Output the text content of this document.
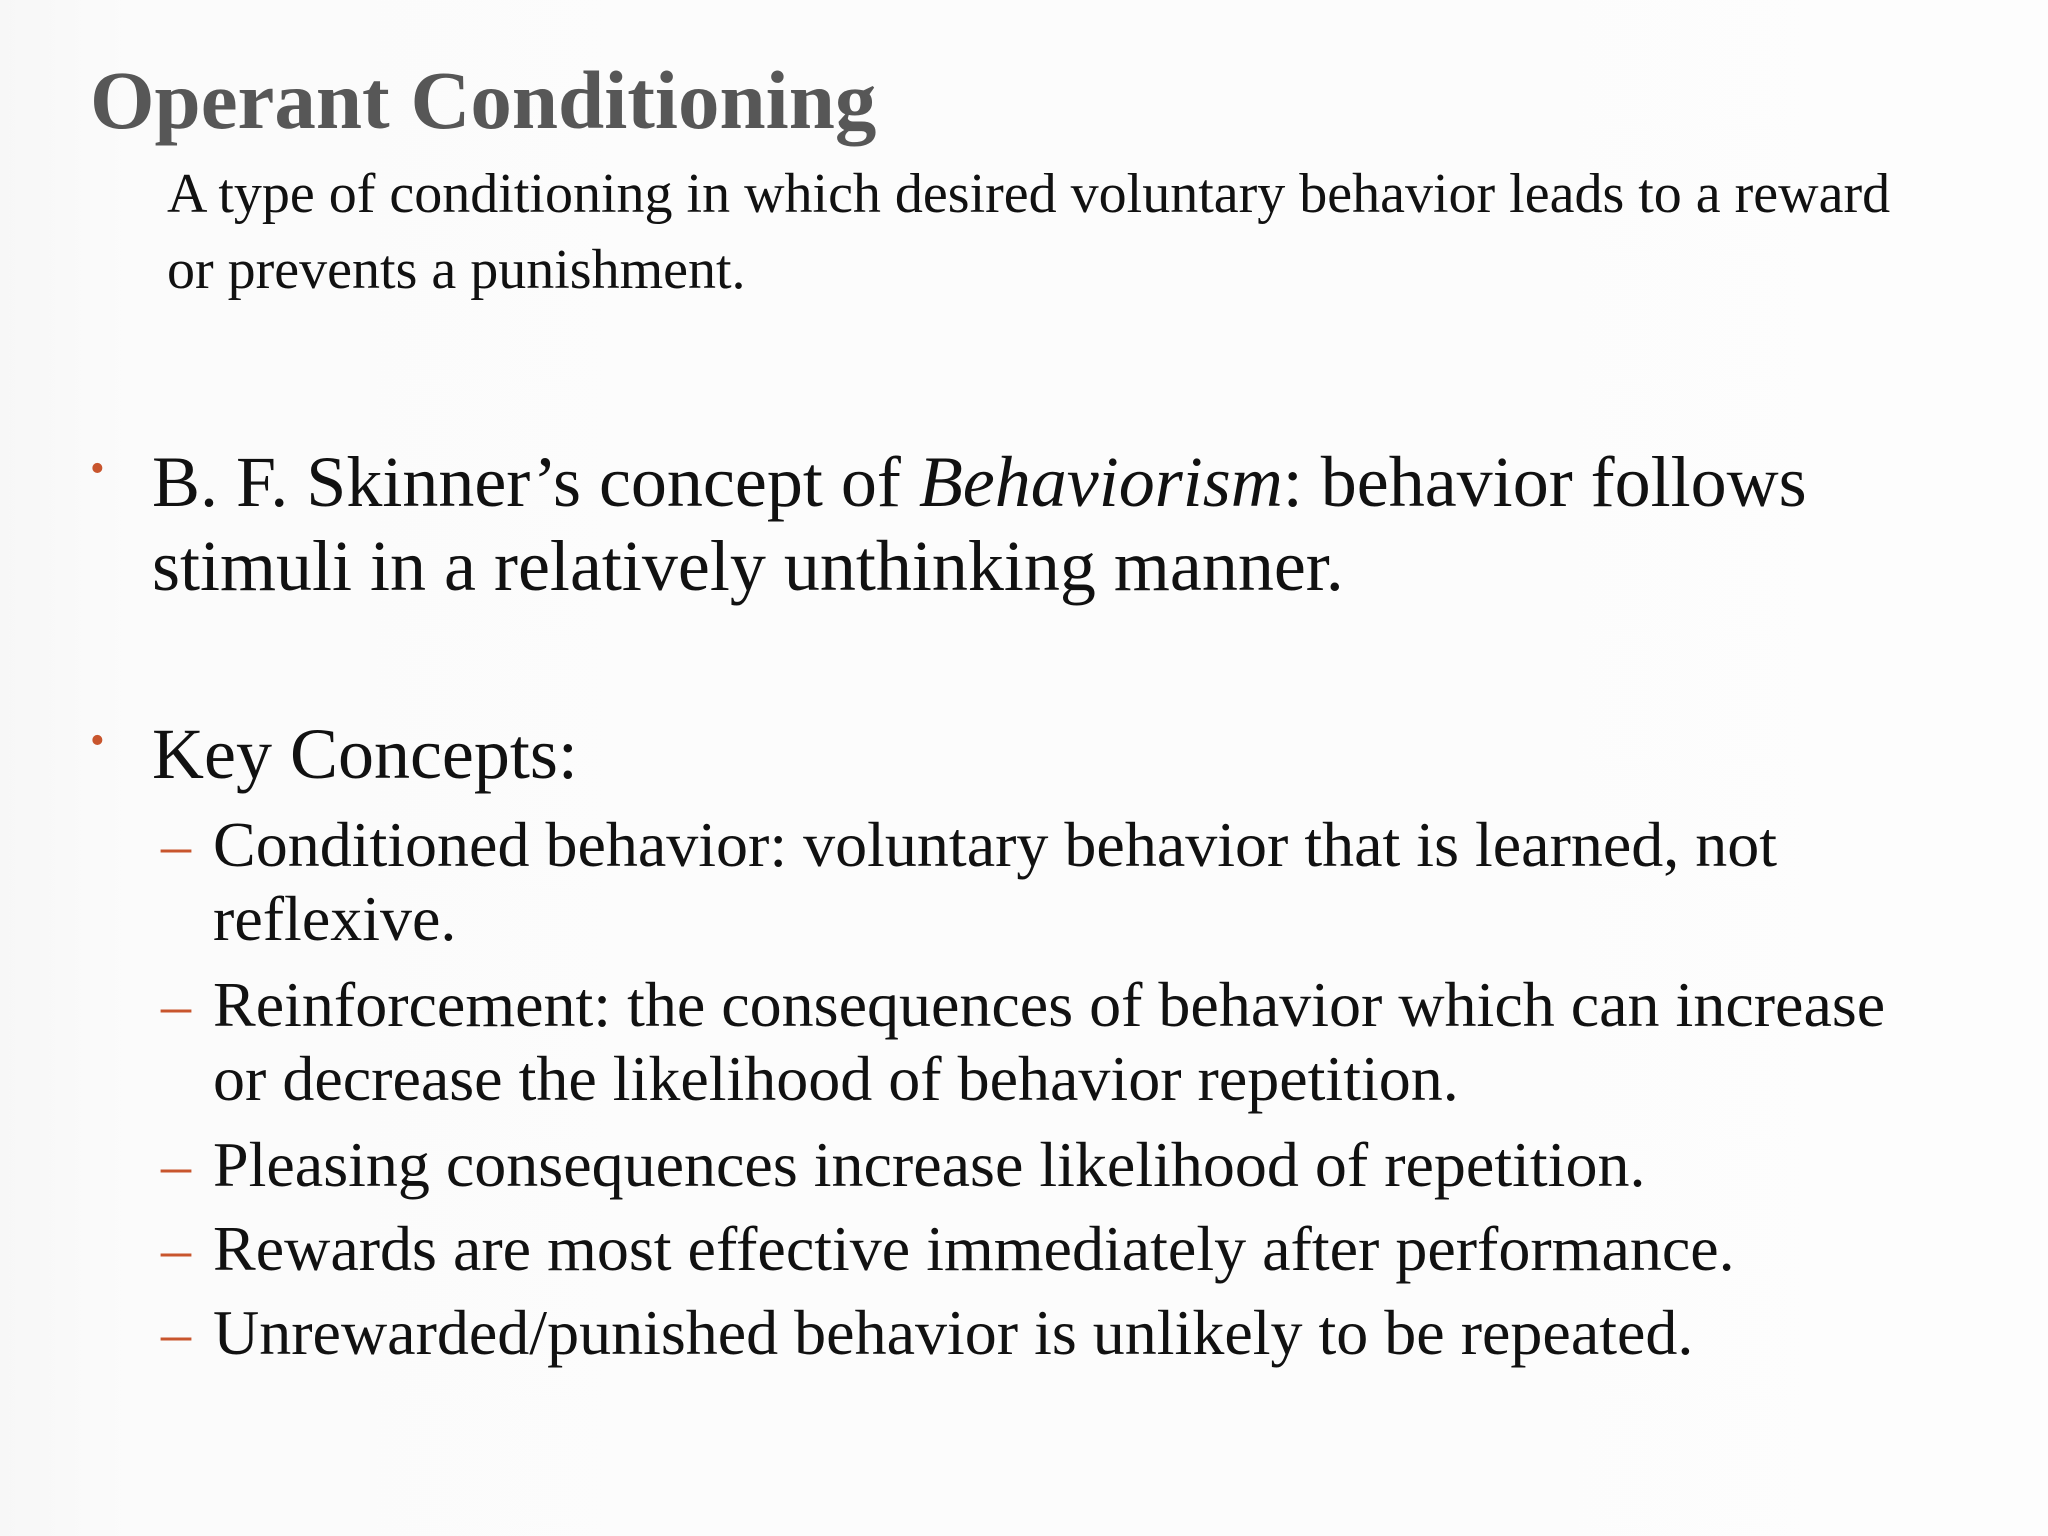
Operant Conditioning
A type of conditioning in which desired voluntary behavior leads to a reward or prevents a punishment.
• B. F. Skinner’s concept of Behaviorism: behavior follows stimuli in a relatively unthinking manner.
• Key Concepts:
– Conditioned behavior: voluntary behavior that is learned, not reflexive.
– Reinforcement: the consequences of behavior which can increase or decrease the likelihood of behavior repetition.
– Pleasing consequences increase likelihood of repetition.
– Rewards are most effective immediately after performance.
– Unrewarded/punished behavior is unlikely to be repeated.
